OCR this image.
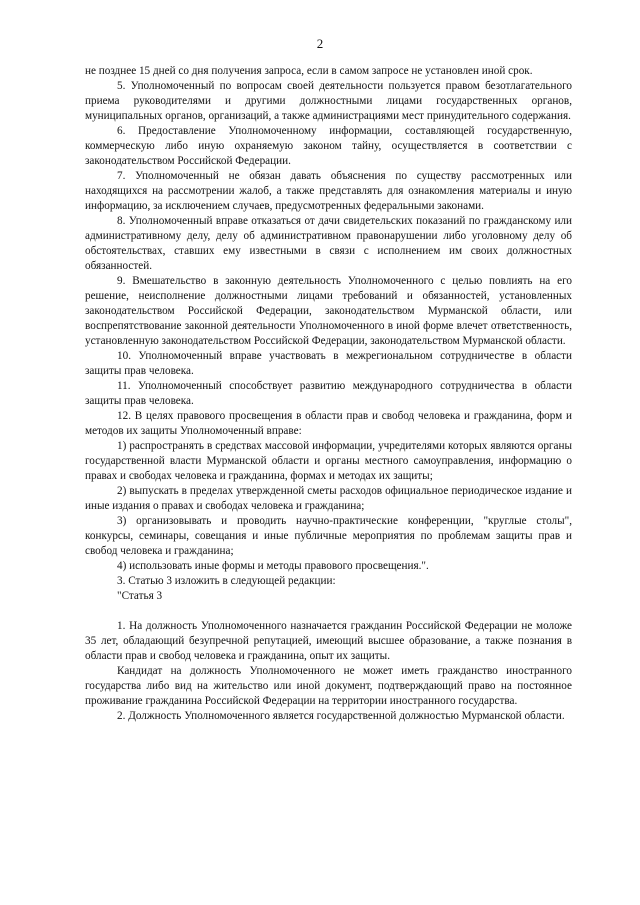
2

не позднее 15 дней со дня получения запроса, если в самом запросе не установлен иной срок.

5. Уполномоченный по вопросам своей деятельности пользуется правом безотлагательного приема руководителями и другими должностными лицами государственных органов, муниципальных органов, организаций, а также администрациями мест принудительного содержания.

6. Предоставление Уполномоченному информации, составляющей государственную, коммерческую либо иную охраняемую законом тайну, осуществляется в соответствии с законодательством Российской Федерации.

7. Уполномоченный не обязан давать объяснения по существу рассмотренных или находящихся на рассмотрении жалоб, а также представлять для ознакомления материалы и иную информацию, за исключением случаев, предусмотренных федеральными законами.

8. Уполномоченный вправе отказаться от дачи свидетельских показаний по гражданскому или административному делу, делу об административном правонарушении либо уголовному делу об обстоятельствах, ставших ему известными в связи с исполнением им своих должностных обязанностей.

9. Вмешательство в законную деятельность Уполномоченного с целью повлиять на его решение, неисполнение должностными лицами требований и обязанностей, установленных законодательством Российской Федерации, законодательством Мурманской области, или воспрепятствование законной деятельности Уполномоченного в иной форме влечет ответственность, установленную законодательством Российской Федерации, законодательством Мурманской области.

10. Уполномоченный вправе участвовать в межрегиональном сотрудничестве в области защиты прав человека.

11. Уполномоченный способствует развитию международного сотрудничества в области защиты прав человека.

12. В целях правового просвещения в области прав и свобод человека и гражданина, форм и методов их защиты Уполномоченный вправе:

1) распространять в средствах массовой информации, учредителями которых являются органы государственной власти Мурманской области и органы местного самоуправления, информацию о правах и свободах человека и гражданина, формах и методах их защиты;

2) выпускать в пределах утвержденной сметы расходов официальное периодическое издание и иные издания о правах и свободах человека и гражданина;

3) организовывать и проводить научно-практические конференции, "круглые столы", конкурсы, семинары, совещания и иные публичные мероприятия по проблемам защиты прав и свобод человека и гражданина;

4) использовать иные формы и методы правового просвещения.".

3. Статью 3 изложить в следующей редакции:

"Статья 3

1. На должность Уполномоченного назначается гражданин Российской Федерации не моложе 35 лет, обладающий безупречной репутацией, имеющий высшее образование, а также познания в области прав и свобод человека и гражданина, опыт их защиты.

Кандидат на должность Уполномоченного не может иметь гражданство иностранного государства либо вид на жительство или иной документ, подтверждающий право на постоянное проживание гражданина Российской Федерации на территории иностранного государства.

2. Должность Уполномоченного является государственной должностью Мурманской области.
